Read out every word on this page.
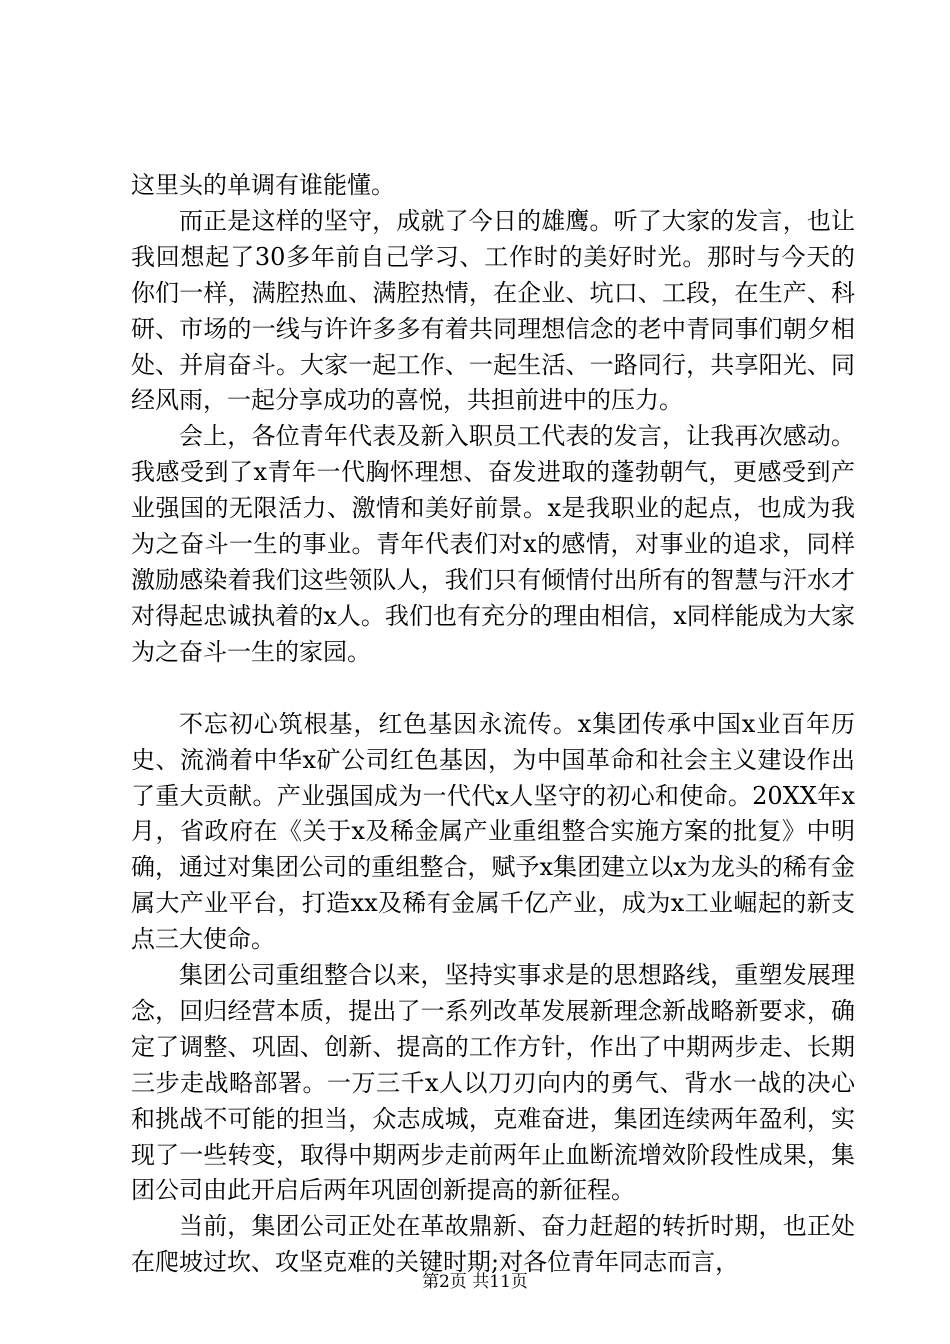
这里头的单调有谁能懂。

而正是这样的坚守，成就了今日的雄鹰。听了大家的发言，也让我回想起了30多年前自己学习、工作时的美好时光。那时与今天的你们一样，满腔热血、满腔热情，在企业、坑口、工段，在生产、科研、市场的一线与许许多多有着共同理想信念的老中青同事们朝夕相处、并肩奋斗。大家一起工作、一起生活、一路同行，共享阳光、同经风雨，一起分享成功的喜悦，共担前进中的压力。

会上，各位青年代表及新入职员工代表的发言，让我再次感动。我感受到了x青年一代胸怀理想、奋发进取的蓬勃朝气，更感受到产业强国的无限活力、激情和美好前景。x是我职业的起点，也成为我为之奋斗一生的事业。青年代表们对x的感情，对事业的追求，同样激励感染着我们这些领队人，我们只有倾情付出所有的智慧与汗水才对得起忠诚执着的x人。我们也有充分的理由相信，x同样能成为大家为之奋斗一生的家园。

不忘初心筑根基，红色基因永流传。x集团传承中国x业百年历史、流淌着中华x矿公司红色基因，为中国革命和社会主义建设作出了重大贡献。产业强国成为一代代x人坚守的初心和使命。20XX年x月，省政府在《关于x及稀金属产业重组整合实施方案的批复》中明确，通过对集团公司的重组整合，赋予x集团建立以x为龙头的稀有金属大产业平台，打造xx及稀有金属千亿产业，成为x工业崛起的新支点三大使命。

集团公司重组整合以来，坚持实事求是的思想路线，重塑发展理念，回归经营本质，提出了一系列改革发展新理念新战略新要求，确定了调整、巩固、创新、提高的工作方针，作出了中期两步走、长期三步走战略部署。一万三千x人以刀刃向内的勇气、背水一战的决心和挑战不可能的担当，众志成城，克难奋进，集团连续两年盈利，实现了一些转变，取得中期两步走前两年止血断流增效阶段性成果，集团公司由此开启后两年巩固创新提高的新征程。

当前，集团公司正处在革故鼎新、奋力赶超的转折时期，也正处在爬坡过坎、攻坚克难的关键时期;对各位青年同志而言，

第2页 共11页
